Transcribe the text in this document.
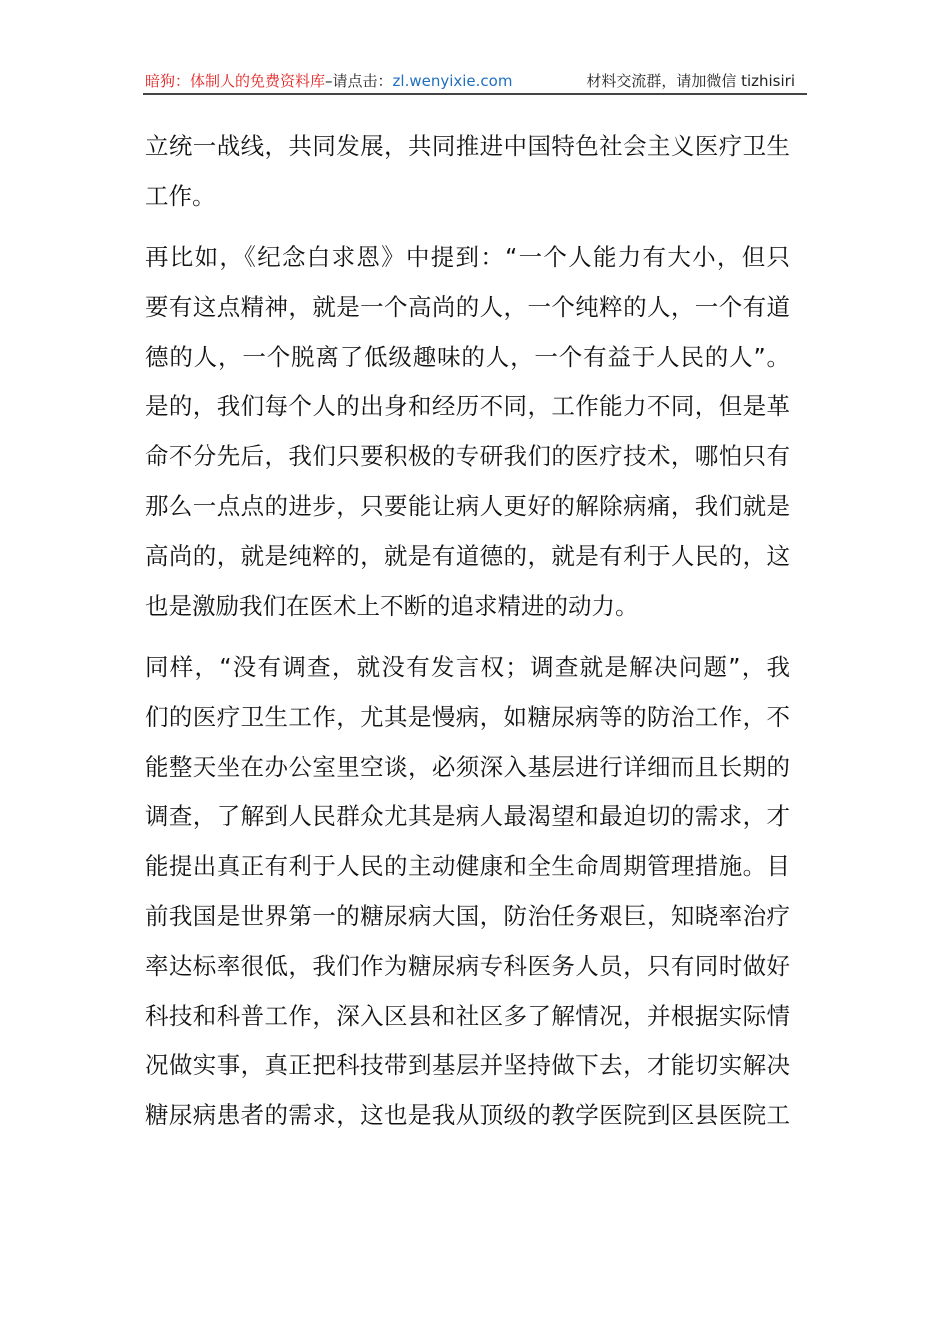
暗狗：体制人的免费资料库–请点击：zl.wenyixie.com	材料交流群，请加微信 tizhisiri
立统一战线，共同发展，共同推进中国特色社会主义医疗卫生
工作。
再比如，《纪念白求恩》中提到：“一个人能力有大小，但只
要有这点精神，就是一个高尚的人，一个纯粹的人，一个有道
德的人，一个脱离了低级趣味的人，一个有益于人民的人”。
是的，我们每个人的出身和经历不同，工作能力不同，但是革
命不分先后，我们只要积极的专研我们的医疗技术，哪怕只有
那么一点点的进步，只要能让病人更好的解除病痛，我们就是
高尚的，就是纯粹的，就是有道德的，就是有利于人民的，这
也是激励我们在医术上不断的追求精进的动力。
同样，“没有调查，就没有发言权；调查就是解决问题”，我
们的医疗卫生工作，尤其是慢病，如糖尿病等的防治工作，不
能整天坐在办公室里空谈，必须深入基层进行详细而且长期的
调查，了解到人民群众尤其是病人最渴望和最迫切的需求，才
能提出真正有利于人民的主动健康和全生命周期管理措施。目
前我国是世界第一的糖尿病大国，防治任务艰巨，知晓率治疗
率达标率很低，我们作为糖尿病专科医务人员，只有同时做好
科技和科普工作，深入区县和社区多了解情况，并根据实际情
况做实事，真正把科技带到基层并坚持做下去，才能切实解决
糖尿病患者的需求，这也是我从顶级的教学医院到区县医院工
